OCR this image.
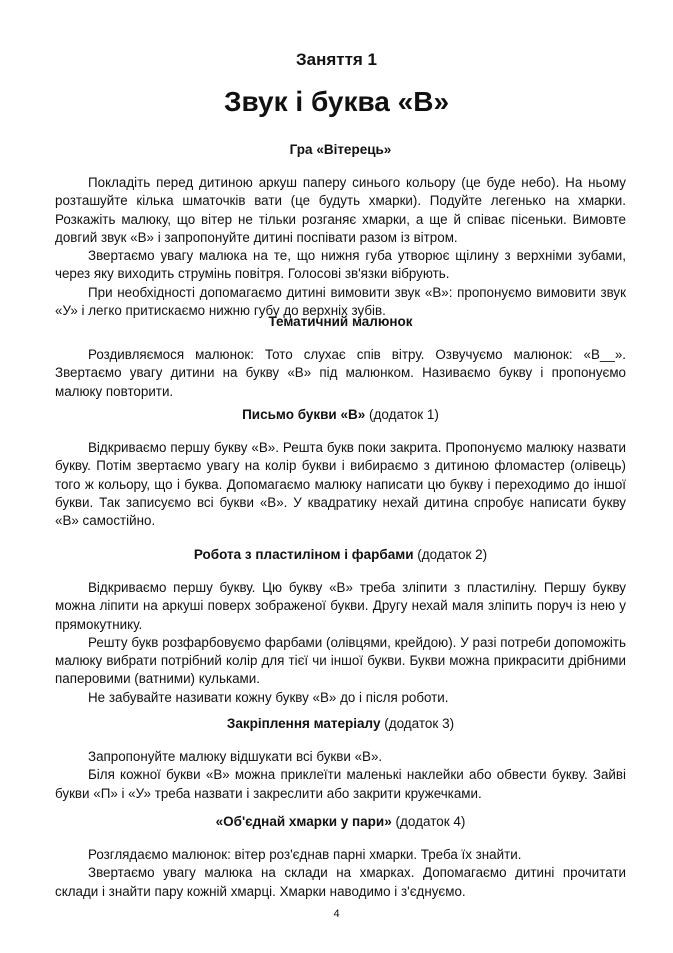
Заняття 1
Звук і буква «В»
Гра «Вітерець»

Покладіть перед дитиною аркуш паперу синього кольору (це буде небо). На ньому розташуйте кілька шматочків вати (це будуть хмарки). Подуйте легенько на хмарки. Розкажіть малюку, що вітер не тільки розганяє хмарки, а ще й співає пісеньки. Вимовте довгий звук «В» і запропонуйте дитині поспівати разом із вітром.

Звертаємо увагу малюка на те, що нижня губа утворює щілину з верхніми зубами, через яку виходить струмінь повітря. Голосові зв'язки вібрують.

При необхідності допомагаємо дитині вимовити звук «В»: пропонуємо вимовити звук «У» і легко притискаємо нижню губу до верхніх зубів.

Тематичний малюнок

Роздивляємося малюнок: Тото слухає спів вітру. Озвучуємо малюнок: «В__». Звертаємо увагу дитини на букву «В» під малюнком. Називаємо букву і пропонуємо малюку повторити.

Письмо букви «В» (додаток 1)

Відкриваємо першу букву «В». Решта букв поки закрита. Пропонуємо малюку назвати букву. Потім звертаємо увагу на колір букви і вибираємо з дитиною фломастер (олівець) того ж кольору, що і буква. Допомагаємо малюку написати цю букву і переходимо до іншої букви. Так записуємо всі букви «В». У квадратику нехай дитина спробує написати букву «В» самостійно.

Робота з пластиліном і фарбами (додаток 2)

Відкриваємо першу букву. Цю букву «В» треба зліпити з пластиліну. Першу букву можна ліпити на аркуші поверх зображеної букви. Другу нехай маля зліпить поруч із нею у прямокутнику.

Решту букв розфарбовуємо фарбами (олівцями, крейдою). У разі потреби допоможіть малюку вибрати потрібний колір для тієї чи іншої букви. Букви можна прикрасити дрібними паперовими (ватними) кульками.

Не забувайте називати кожну букву «В» до і після роботи.

Закріплення матеріалу (додаток 3)

Запропонуйте малюку відшукати всі букви «В».

Біля кожної букви «В» можна приклеїти маленькі наклейки або обвести букву. Зайві букви «П» і «У» треба назвати і закреслити або закрити кружечками.

«Об'єднай хмарки у пари» (додаток 4)

Розглядаємо малюнок: вітер роз'єднав парні хмарки. Треба їх знайти.

Звертаємо увагу малюка на склади на хмарках. Допомагаємо дитині прочитати склади і знайти пару кожній хмарці. Хмарки наводимо і з'єднуємо.

4
